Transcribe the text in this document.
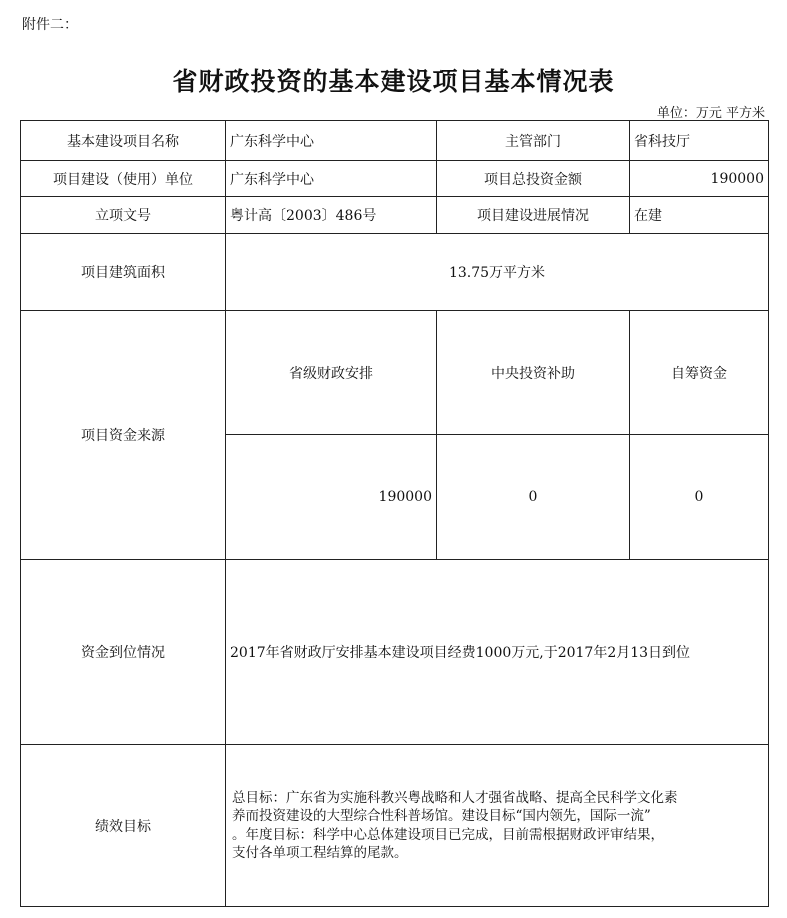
附件二：
省财政投资的基本建设项目基本情况表
单位：万元 平方米
基本建设项目名称	广东科学中心	主管部门	省科技厅
项目建设（使用）单位	广东科学中心	项目总投资金额	190000
立项文号	粤计高〔2003〕486号	项目建设进展情况	在建
项目建筑面积	13.75万平方米		
项目资金来源	省级财政安排	中央投资补助	自筹资金
	190000	0	0
资金到位情况	2017年省财政厅安排基本建设项目经费1000万元,于2017年2月13日到位		
绩效目标	总目标：广东省为实施科教兴粤战略和人才强省战略、提高全民科学文化素
养而投资建设的大型综合性科普场馆。建设目标“国内领先，国际一流”
。年度目标：科学中心总体建设项目已完成，目前需根据财政评审结果，
支付各单项工程结算的尾款。		
